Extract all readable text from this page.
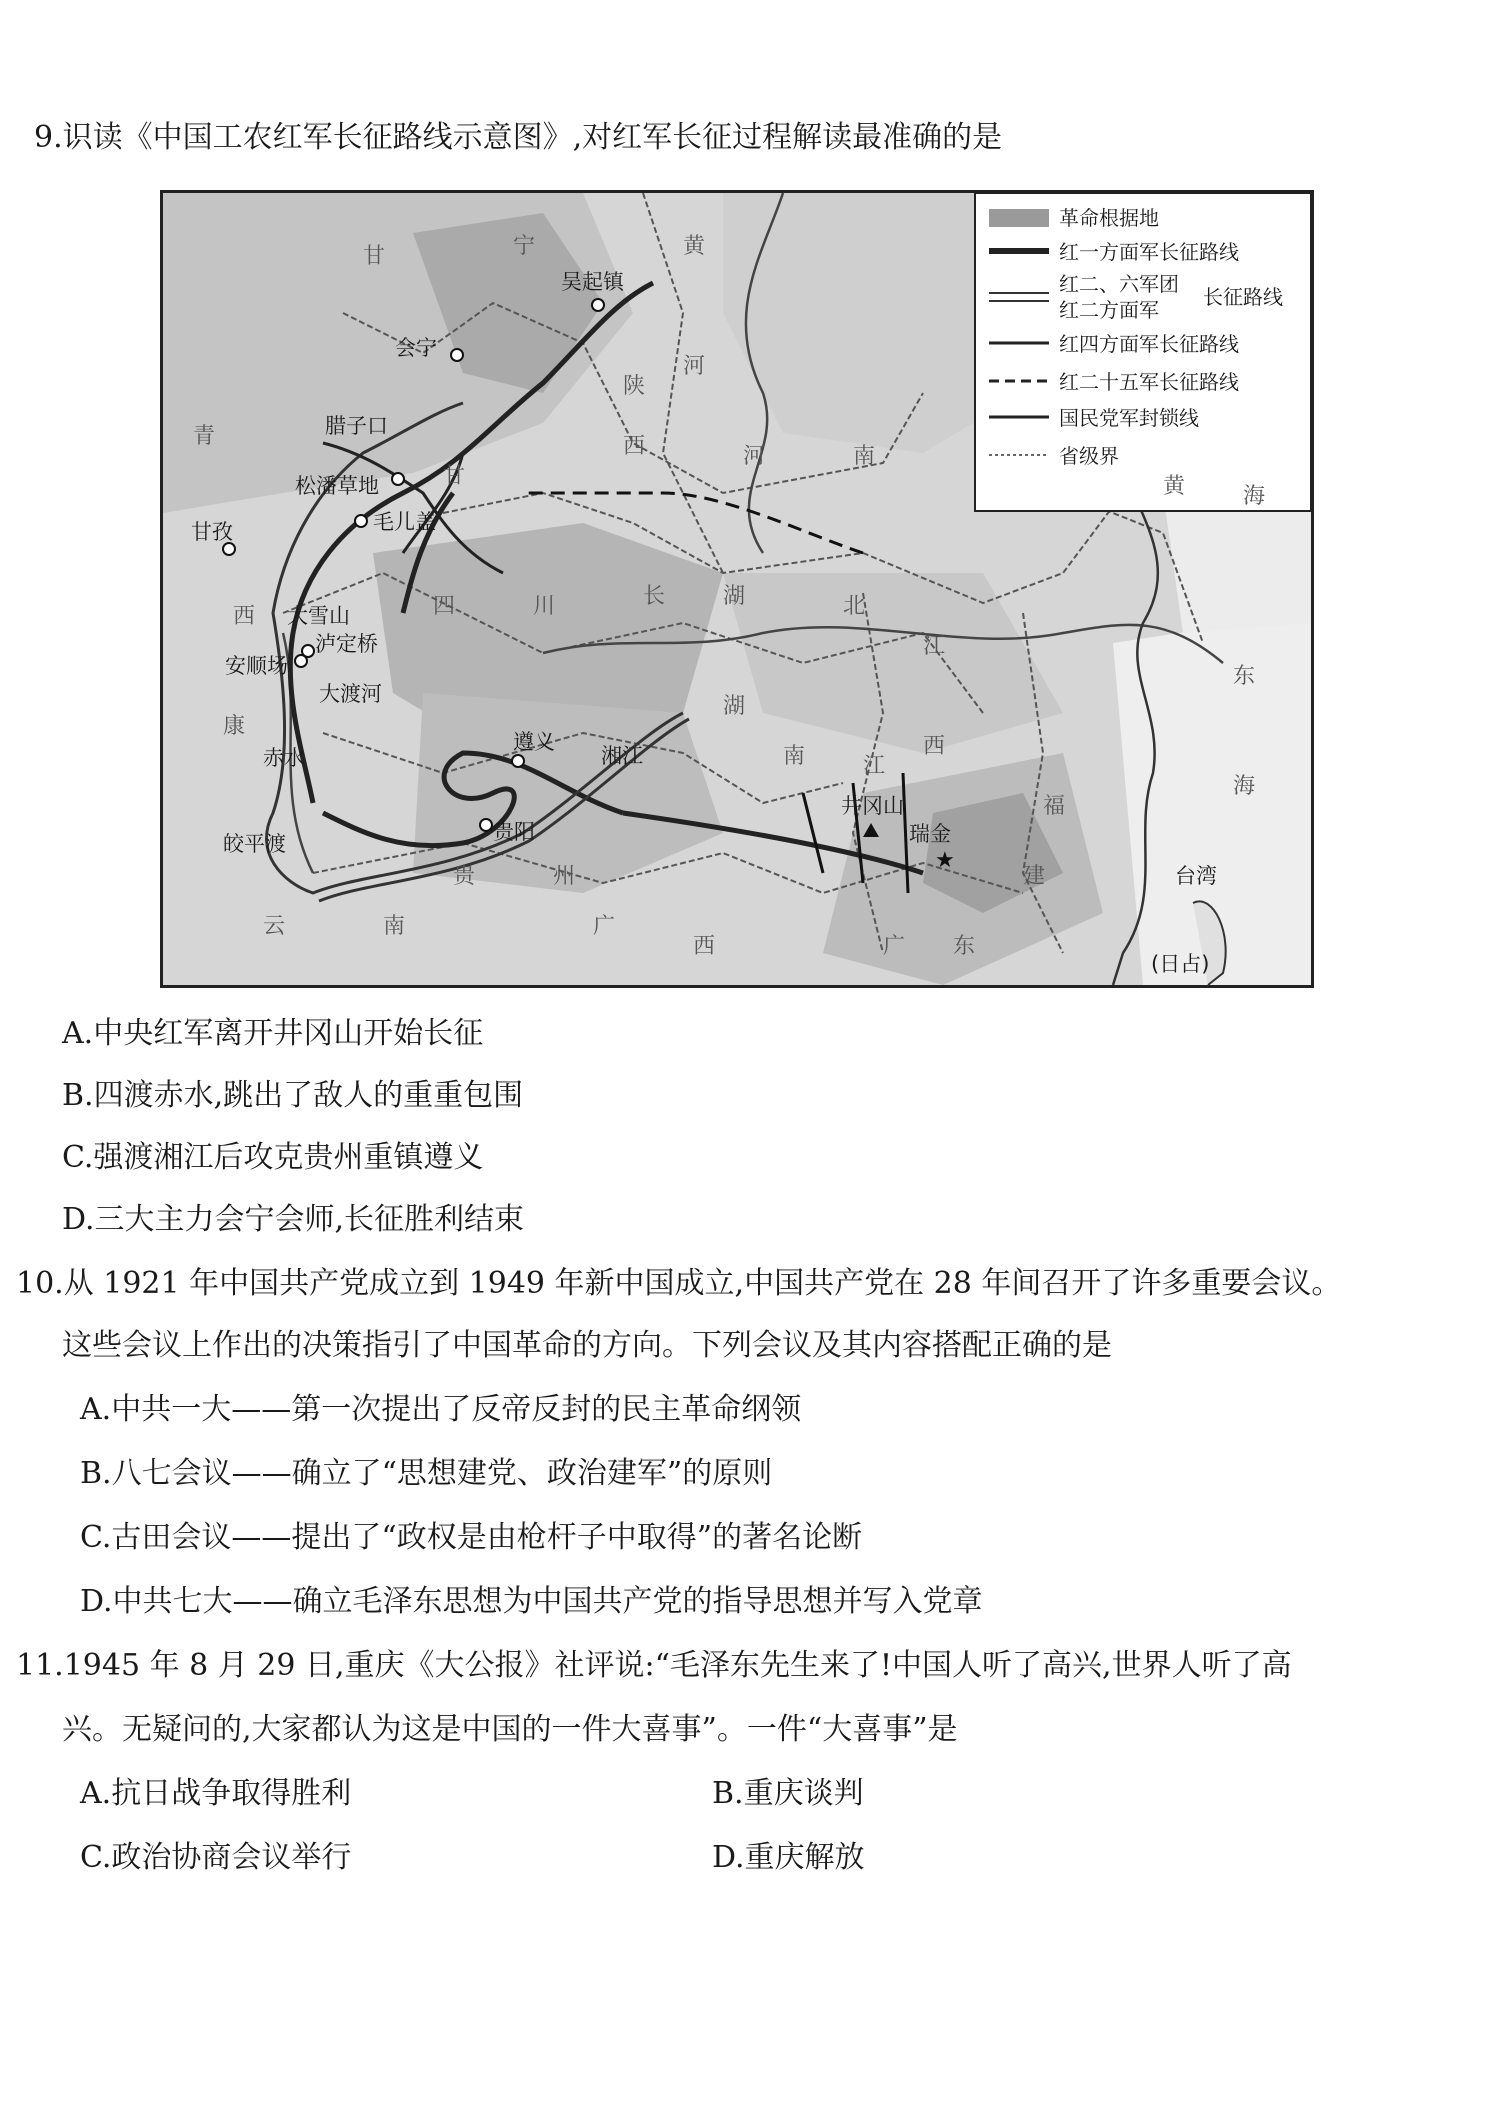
9.识读《中国工农红军长征路线示意图》,对红军长征过程解读最准确的是
革命根据地
红一方面军长征路线
红二、六军团
红二方面军
长征路线
红四方面军长征路线
红二十五军长征路线
国民党军封锁线
省级界
★
吴起镇
会宁
腊子口
松潘草地
毛儿盖
甘孜
大雪山
泸定桥
安顺场
大渡河
遵义
贵阳
皎平渡
井冈山
瑞金
台湾
(日占)
赤水	湘江
甘	宁
陕
黄
河
西	河	南
青
甘
四	川	长	湖	北
江
西
康
湖
南	江
西
福
建
广 东
广
西
云	南
贵	州
黄	海
东
海
A.中央红军离开井冈山开始长征
B.四渡赤水,跳出了敌人的重重包围
C.强渡湘江后攻克贵州重镇遵义
D.三大主力会宁会师,长征胜利结束
10.从 1921 年中国共产党成立到 1949 年新中国成立,中国共产党在 28 年间召开了许多重要会议。
这些会议上作出的决策指引了中国革命的方向。下列会议及其内容搭配正确的是
A.中共一大——第一次提出了反帝反封的民主革命纲领
B.八七会议——确立了“思想建党、政治建军”的原则
C.古田会议——提出了“政权是由枪杆子中取得”的著名论断
D.中共七大——确立毛泽东思想为中国共产党的指导思想并写入党章
11.1945 年 8 月 29 日,重庆《大公报》社评说:“毛泽东先生来了!中国人听了高兴,世界人听了高
兴。无疑问的,大家都认为这是中国的一件大喜事”。一件“大喜事”是
A.抗日战争取得胜利	B.重庆谈判
C.政治协商会议举行	D.重庆解放
